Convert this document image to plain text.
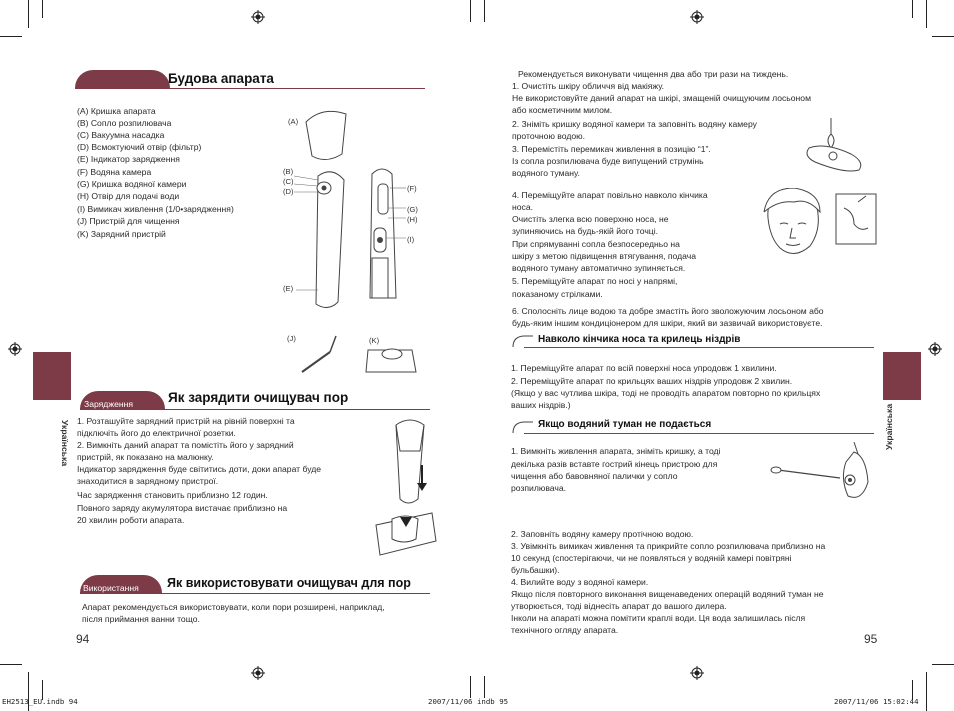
Будова апарата
(A) Кришка апарата
(B) Сопло розпилювача
(C) Вакуумна насадка
(D) Всмоктуючий отвір (фільтр)
(E) Індикатор зарядження
(F) Водяна камера
(G) Кришка водяної камери
(H) Отвір для подачі води
(I) Вимикач живлення (1/0•зарядження)
(J) Пристрій для чищення
(K) Зарядний пристрій
(A)
(B)
(C)
(D)
(E)
(F)
(G)
(H)
(I)
(J)	(K)
Українська
Зарядження	Як зарядити очищувач пор
1. Розташуйте зарядний пристрій на рівній поверхні та
підключіть його до електричної розетки.
2. Вимкніть даний апарат та помістіть його у зарядний
пристрій, як показано на малюнку.
Індикатор зарядження буде світитись доти, доки апарат буде
знаходитися в зарядному пристрої.
Час зарядження становить приблизно 12 годин.
Повного заряду акумулятора вистачає приблизно на
20 хвилин роботи апарата.
Використання Як використовувати очищувач для пор
Апарат рекомендується використовувати, коли пори розширені, наприклад,
після приймання ванни тощо.
94
Рекомендується виконувати чищення два або три рази на тиждень.
1. Очистіть шкіру обличчя від макіяжу.
Не використовуйте даний апарат на шкірі, змащеній очищуючим лосьоном
або косметичним милом.
2. Зніміть кришку водяної камери та заповніть водяну камеру
проточною водою.
3. Перемістіть перемикач живлення в позицію “1”.
Із сопла розпилювача буде випущений струмінь
водяного туману.
4. Переміщуйте апарат повільно навколо кінчика
носа.
Очистіть злегка всю поверхню носа, не
зупиняючись на будь-якій його точці.
При спрямуванні сопла безпосередньо на
шкіру з метою підвищення втягування, подача
водяного туману автоматично зупиняється.
5. Переміщуйте апарат по носі у напрямі,
показаному стрілками.
6. Сполосніть лице водою та добре змастіть його зволожуючим лосьоном або
будь-яким іншим кондиціонером для шкіри, який ви зазвичай використовуєте.
Навколо кінчика носа та крилець ніздрів
1. Переміщуйте апарат по всій поверхні носа упродовж 1 хвилини.
2. Переміщуйте апарат по крильцях ваших ніздрів упродовж 2 хвилин.
(Якщо у вас чутлива шкіра, тоді не проводіть апаратом повторно по крильцях
ваших ніздрів.)
Якщо водяний туман не подається
1. Вимкніть живлення апарата, зніміть кришку, а тоді
декілька разів вставте гострий кінець пристрою для
чищення або бавовняної палички у сопло
розпилювача.
2. Заповніть водяну камеру протічною водою.
3. Увімкніть вимикач живлення та прикрийте сопло розпилювача приблизно на
10 секунд (спостерігаючи, чи не появляться у водяній камері повітряні
бульбашки).
4. Вилийте воду з водяної камери.
Якщо після повторного виконання вищенаведених операцій водяний туман не
утворюється, тоді віднесіть апарат до вашого дилера.
Інколи на апараті можна помітити краплі води. Ця вода залишилась після
технічного огляду апарата.
Українська
95
EH2513_EU.indb 94	2007/11/06 indb 95	2007/11/06 15:02:44
